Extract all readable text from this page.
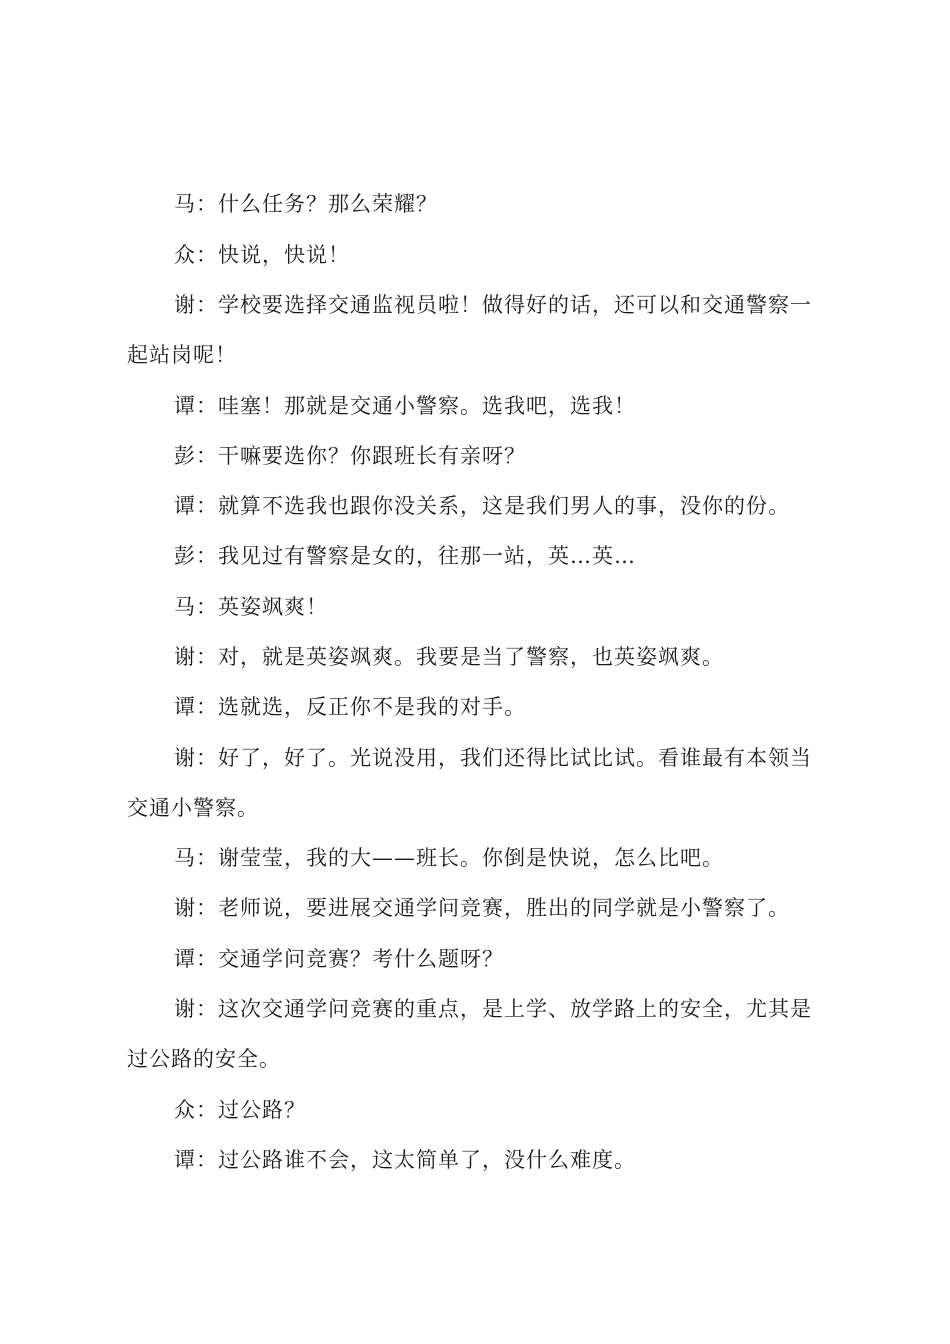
马：什么任务？那么荣耀？
众：快说，快说！
谢：学校要选择交通监视员啦！做得好的话，还可以和交通警察一
起站岗呢！
谭：哇塞！那就是交通小警察。选我吧，选我！
彭：干嘛要选你？你跟班长有亲呀？
谭：就算不选我也跟你没关系，这是我们男人的事，没你的份。
彭：我见过有警察是女的，往那一站，英…英…
马：英姿飒爽！
谢：对，就是英姿飒爽。我要是当了警察，也英姿飒爽。
谭：选就选，反正你不是我的对手。
谢：好了，好了。光说没用，我们还得比试比试。看谁最有本领当
交通小警察。
马：谢莹莹，我的大——班长。你倒是快说，怎么比吧。
谢：老师说，要进展交通学问竞赛，胜出的同学就是小警察了。
谭：交通学问竞赛？考什么题呀？
谢：这次交通学问竞赛的重点，是上学、放学路上的安全，尤其是
过公路的安全。
众：过公路？
谭：过公路谁不会，这太简单了，没什么难度。
